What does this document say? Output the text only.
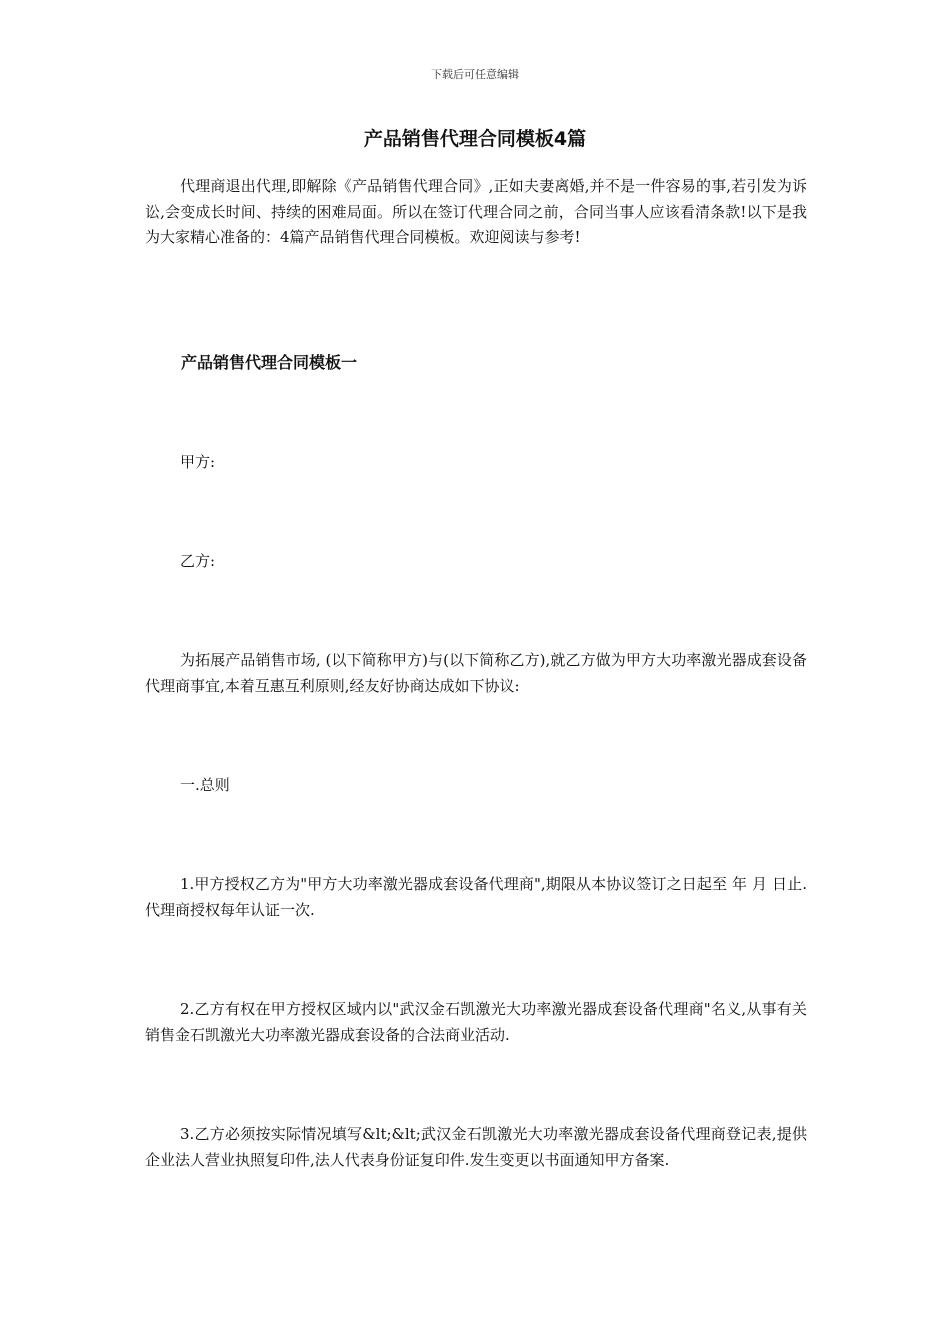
下载后可任意编辑
产品销售代理合同模板4篇

代理商退出代理,即解除《产品销售代理合同》,正如夫妻离婚,并不是一件容易的事,若引发为诉讼,会变成长时间、持续的困难局面。所以在签订代理合同之前，合同当事人应该看清条款!以下是我为大家精心准备的：4篇产品销售代理合同模板。欢迎阅读与参考!

产品销售代理合同模板一
甲方:
乙方:

为拓展产品销售市场, (以下简称甲方)与(以下简称乙方),就乙方做为甲方大功率激光器成套设备代理商事宜,本着互惠互利原则,经友好协商达成如下协议:

一.总则

1.甲方授权乙方为"甲方大功率激光器成套设备代理商",期限从本协议签订之日起至 年 月 日止. 代理商授权每年认证一次.

2.乙方有权在甲方授权区域内以"武汉金石凯激光大功率激光器成套设备代理商"名义,从事有关销售金石凯激光大功率激光器成套设备的合法商业活动.

3.乙方必须按实际情况填写&lt;&lt;武汉金石凯激光大功率激光器成套设备代理商登记表,提供企业法人营业执照复印件,法人代表身份证复印件.发生变更以书面通知甲方备案.
